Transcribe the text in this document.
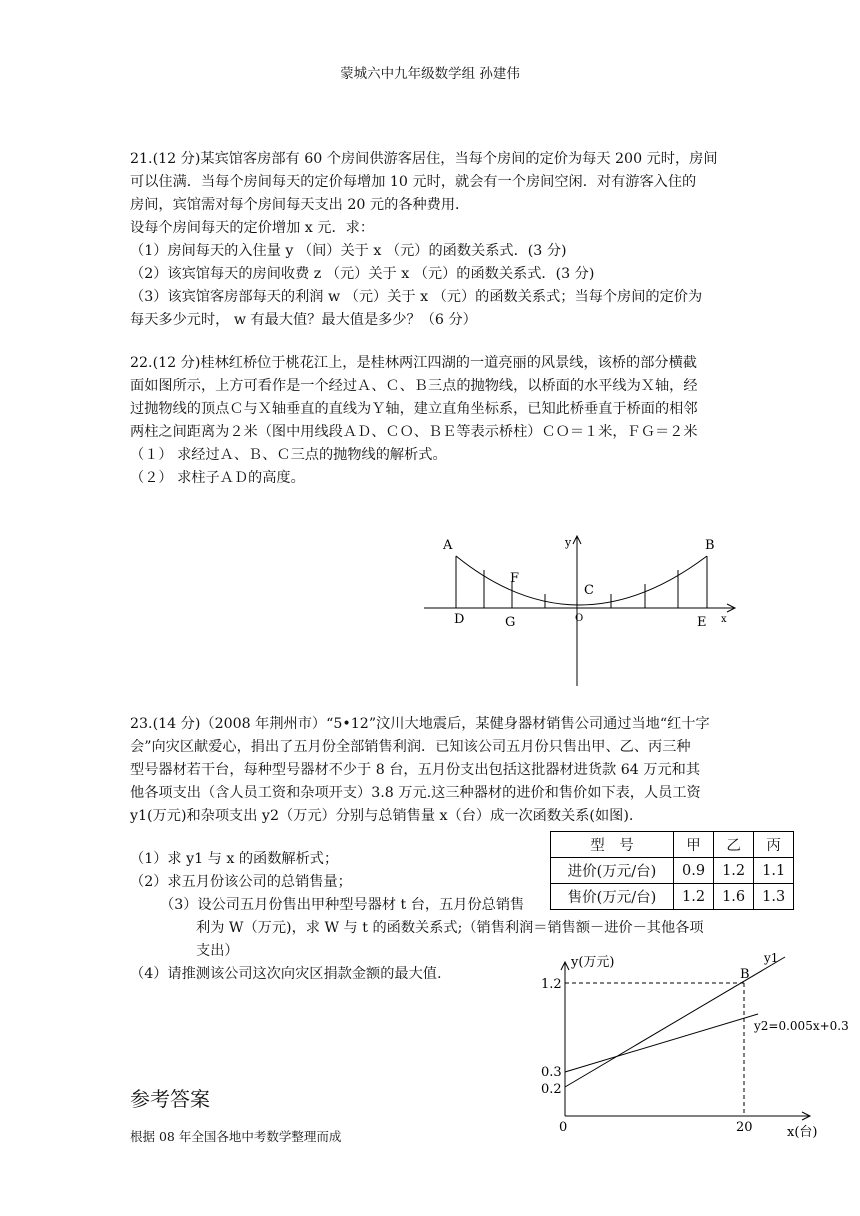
蒙城六中九年级数学组 孙建伟
21.(12 分)某宾馆客房部有 60 个房间供游客居住，当每个房间的定价为每天 200 元时，房间
可以住满．当每个房间每天的定价每增加 10 元时，就会有一个房间空闲．对有游客入住的
房间，宾馆需对每个房间每天支出 20 元的各种费用．
设每个房间每天的定价增加 x 元．求：
（1）房间每天的入住量 y （间）关于 x （元）的函数关系式．(3 分)
（2）该宾馆每天的房间收费 z （元）关于 x （元）的函数关系式．(3 分)
（3）该宾馆客房部每天的利润 w （元）关于 x （元）的函数关系式；当每个房间的定价为
每天多少元时， w 有最大值？最大值是多少？（6 分）
22.(12 分)桂林红桥位于桃花江上，是桂林两江四湖的一道亮丽的风景线，该桥的部分横截
面如图所示，上方可看作是一个经过Ａ、Ｃ、Ｂ三点的抛物线，以桥面的水平线为Ｘ轴，经
过抛物线的顶点Ｃ与Ｘ轴垂直的直线为Ｙ轴，建立直角坐标系，已知此桥垂直于桥面的相邻
两柱之间距离为２米（图中用线段ＡＤ、ＣＯ、ＢＥ等表示桥柱）ＣＯ＝１米，ＦＧ＝２米
（１） 求经过Ａ、Ｂ、Ｃ三点的抛物线的解析式。
（２） 求柱子ＡＤ的高度。
A	B
C
D	E
F
G	O	x
y
23.(14 分)（2008 年荆州市）“5•12”汶川大地震后，某健身器材销售公司通过当地“红十字
会”向灾区献爱心，捐出了五月份全部销售利润．已知该公司五月份只售出甲、乙、丙三种
型号器材若干台，每种型号器材不少于 8 台，五月份支出包括这批器材进货款 64 万元和其
他各项支出（含人员工资和杂项开支）3.8 万元.这三种器材的进价和售价如下表，人员工资
y1(万元)和杂项支出 y2（万元）分别与总销售量 x（台）成一次函数关系(如图).
型　号	甲	乙	丙
进价(万元/台)	0.9	1.2	1.1
售价(万元/台)	1.2	1.6	1.3
（1）求 y1 与 x 的函数解析式；
（2）求五月份该公司的总销售量；
（3）设公司五月份售出甲种型号器材 t 台，五月份总销售
利为 W（万元)，求 W 与 t 的函数关系式;（销售利润＝销售额－进价－其他各项
支出）
（4）请推测该公司这次向灾区捐款金额的最大值.
y(万元)
x(台)
0
1.2
0.3
0.2
20
B
y1
y2=0.005x+0.3
参考答案
根据 08 年全国各地中考数学整理而成
